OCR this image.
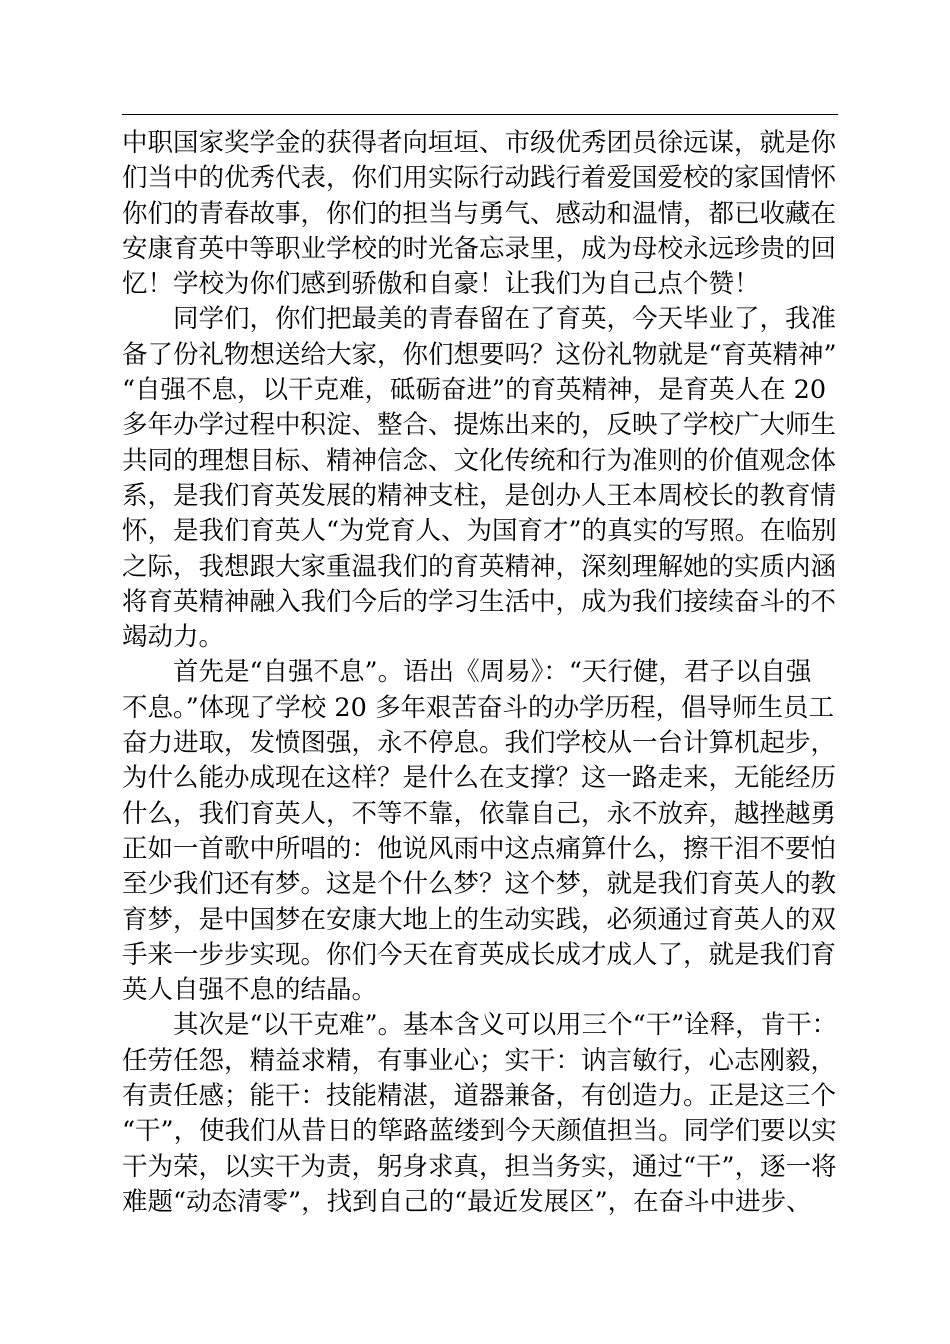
中职国家奖学金的获得者向垣垣、市级优秀团员徐远谋，就是你
们当中的优秀代表，你们用实际行动践行着爱国爱校的家国情怀
你们的青春故事，你们的担当与勇气、感动和温情，都已收藏在
安康育英中等职业学校的时光备忘录里，成为母校永远珍贵的回
忆！学校为你们感到骄傲和自豪！让我们为自己点个赞！
　　同学们，你们把最美的青春留在了育英，今天毕业了，我准
备了份礼物想送给大家，你们想要吗？这份礼物就是“育英精神”
“自强不息，以干克难，砥砺奋进”的育英精神，是育英人在 20
多年办学过程中积淀、整合、提炼出来的，反映了学校广大师生
共同的理想目标、精神信念、文化传统和行为准则的价值观念体
系，是我们育英发展的精神支柱，是创办人王本周校长的教育情
怀，是我们育英人“为党育人、为国育才”的真实的写照。在临别
之际，我想跟大家重温我们的育英精神，深刻理解她的实质内涵
将育英精神融入我们今后的学习生活中，成为我们接续奋斗的不
竭动力。
　　首先是“自强不息”。语出《周易》：“天行健，君子以自强
不息。”体现了学校 20 多年艰苦奋斗的办学历程，倡导师生员工
奋力进取，发愤图强，永不停息。我们学校从一台计算机起步，
为什么能办成现在这样？是什么在支撑？这一路走来，无能经历
什么，我们育英人，不等不靠，依靠自己，永不放弃，越挫越勇
正如一首歌中所唱的：他说风雨中这点痛算什么，擦干泪不要怕
至少我们还有梦。这是个什么梦？这个梦，就是我们育英人的教
育梦，是中国梦在安康大地上的生动实践，必须通过育英人的双
手来一步步实现。你们今天在育英成长成才成人了，就是我们育
英人自强不息的结晶。
　　其次是“以干克难”。基本含义可以用三个“干”诠释，肯干：
任劳任怨，精益求精，有事业心；实干：讷言敏行，心志刚毅，
有责任感；能干：技能精湛，道器兼备，有创造力。正是这三个
“干”，使我们从昔日的筚路蓝缕到今天颜值担当。同学们要以实
干为荣，以实干为责，躬身求真，担当务实，通过“干”，逐一将
难题“动态清零”，找到自己的“最近发展区”，在奋斗中进步、
